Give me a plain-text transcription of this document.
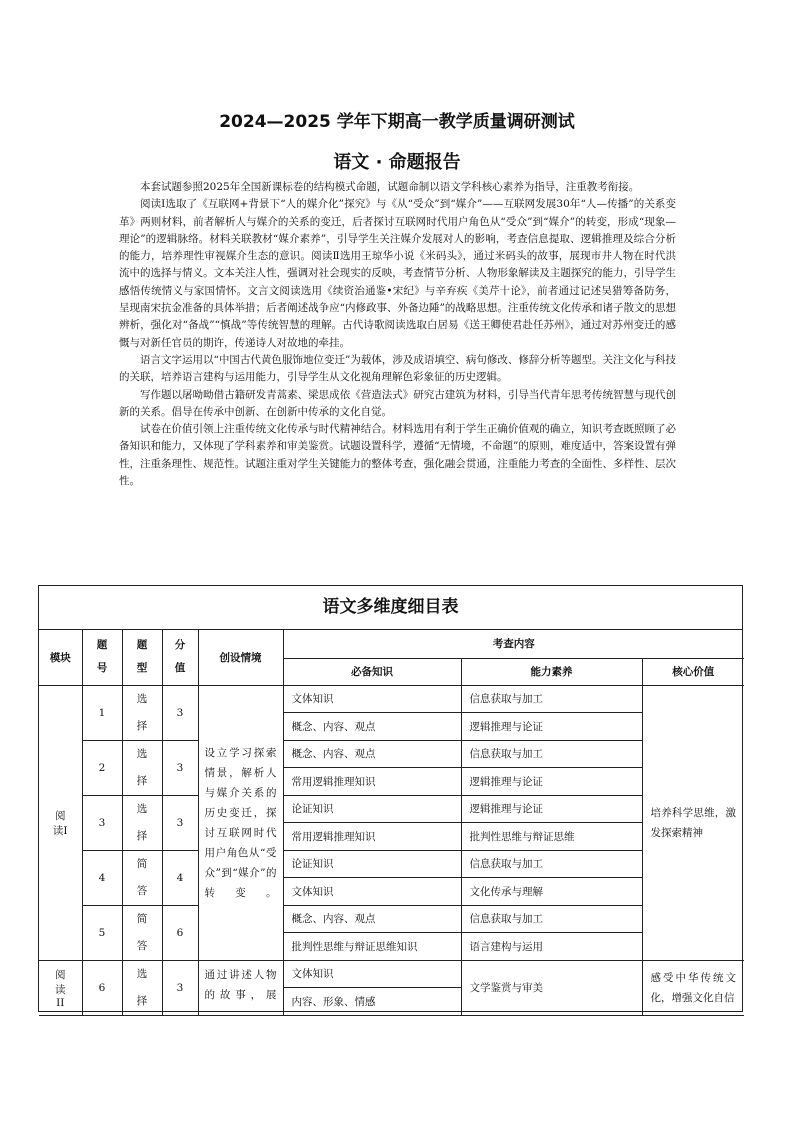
2024—2025 学年下期高一教学质量调研测试
语文 · 命题报告

本套试题参照2025年全国新课标卷的结构模式命题，试题命制以语文学科核心素养为指导，注重教考衔接。

阅读Ⅰ选取了《互联网+背景下“人的媒介化”探究》与《从“受众”到“媒介”——互联网发展30年“人—传播”的关系变革》两则材料，前者解析人与媒介的关系的变迁，后者探讨互联网时代用户角色从“受众”到“媒介”的转变，形成“现象—理论”的逻辑脉络。材料关联教材“媒介素养”，引导学生关注媒介发展对人的影响，考查信息提取、逻辑推理及综合分析的能力，培养理性审视媒介生态的意识。阅读Ⅱ选用王琼华小说《米码头》，通过米码头的故事，展现市井人物在时代洪流中的选择与情义。文本关注人性，强调对社会现实的反映，考查情节分析、人物形象解读及主题探究的能力，引导学生感悟传统情义与家国情怀。文言文阅读选用《续资治通鉴•宋纪》与辛弃疾《美芹十论》，前者通过记述吴猎筹备防务，呈现南宋抗金准备的具体举措；后者阐述战争应“内修政事、外备边陲”的战略思想。注重传统文化传承和诸子散文的思想辨析，强化对“备战”“慎战”等传统智慧的理解。古代诗歌阅读选取白居易《送王卿使君赴任苏州》，通过对苏州变迁的感慨与对新任官员的期许，传递诗人对故地的牵挂。

语言文字运用以“中国古代黄色服饰地位变迁”为载体，涉及成语填空、病句修改、修辞分析等题型。关注文化与科技的关联，培养语言建构与运用能力，引导学生从文化视角理解色彩象征的历史逻辑。

写作题以屠呦呦借古籍研发青蒿素、梁思成依《营造法式》研究古建筑为材料，引导当代青年思考传统智慧与现代创新的关系。倡导在传承中创新、在创新中传承的文化自觉。

试卷在价值引领上注重传统文化传承与时代精神结合。材料选用有利于学生正确价值观的确立，知识考查既照顾了必备知识和能力，又体现了学科素养和审美鉴赏。试题设置科学，遵循“无情境，不命题”的原则，难度适中，答案设置有弹性，注重条理性、规范性。试题注重对学生关键能力的整体考查，强化融会贯通，注重能力考查的全面性、多样性、层次性。

语文多维度细目表
模块	题号	题型	分值	创设情境	考查内容		
					必备知识	能力素养	核心价值
阅读I	1	选择	3	设立学习探索情景，解析人与媒介关系的历史变迁，探讨互联网时代用户角色从“受众”到“媒介”的转变。	文体知识	信息获取与加工	培养科学思维，激发探索精神
					概念、内容、观点	逻辑推理与论证	
	2	选择	3		概念、内容、观点	信息获取与加工	
					常用逻辑推理知识	逻辑推理与论证	
	3	选择	3		论证知识	逻辑推理与论证	
					常用逻辑推理知识	批判性思维与辩证思维	
	4	简答	4		论证知识	信息获取与加工	
					文体知识	文化传承与理解	
	5	简答	6		概念、内容、观点	信息获取与加工	
					批判性思维与辩证思维知识	语言建构与运用	
阅读II	6	选择	3	通过讲述人物的故事，展	文体知识	文学鉴赏与审美	感受中华传统文化，增强文化自信
					内容、形象、情感		
